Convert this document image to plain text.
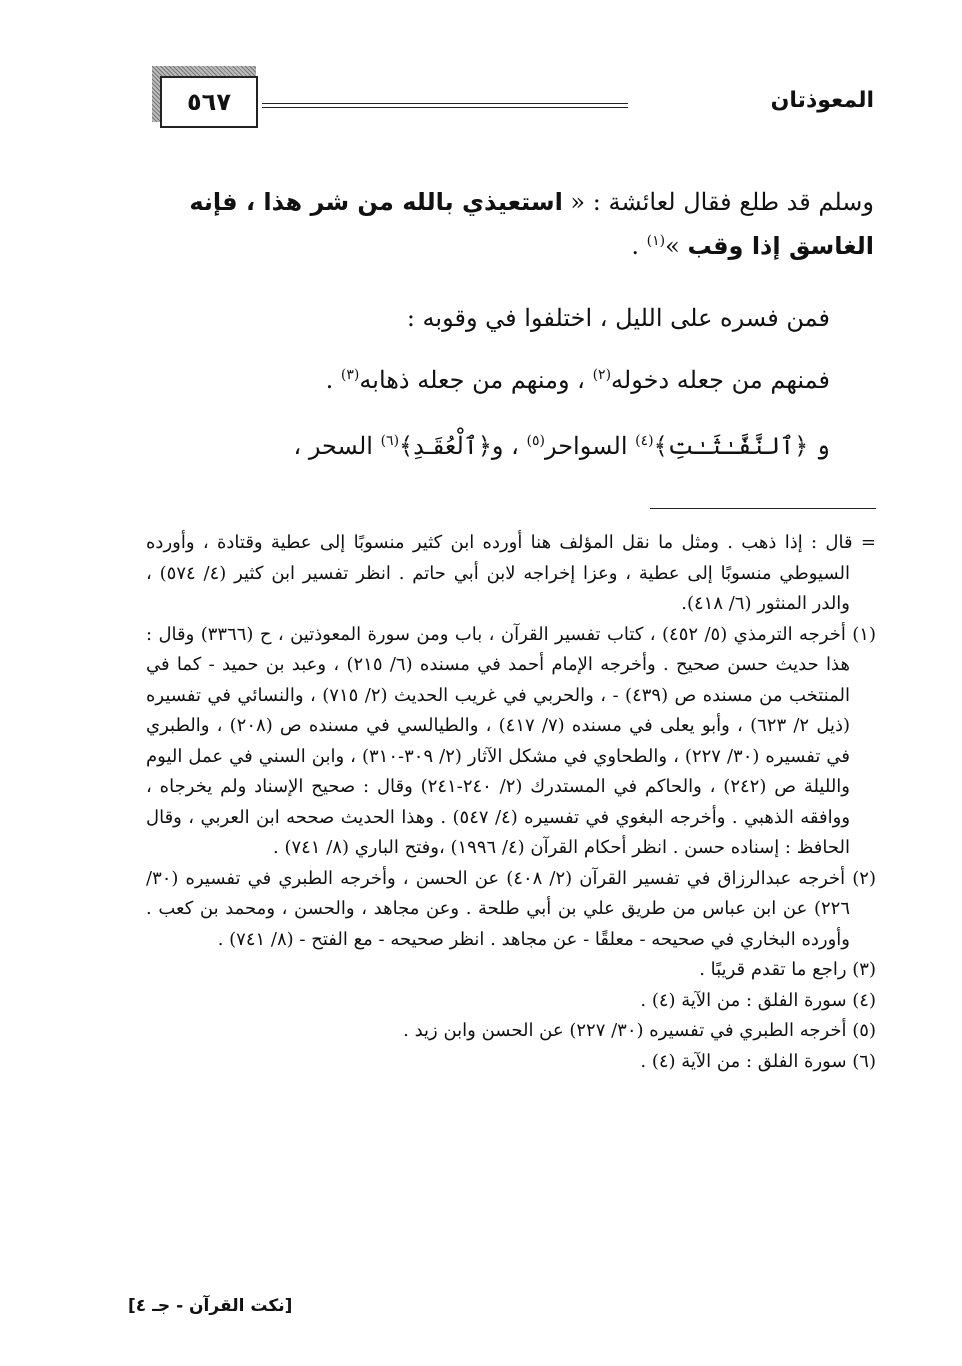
المعوذتان
٥٦٧
وسلم قد طلع فقال لعائشة : « استعيذي بالله من شر هذا ، فإنه الغاسق إذا وقب »$^{(١)}$ .
فمن فسره على الليل ، اختلفوا في وقوبه :
فمنهم من جعله دخوله$^{(٢)}$ ، ومنهم من جعله ذهابه$^{(٣)}$ .
و ﴿ٱلنَّفَّـٰثَـٰتِ﴾$^{(٤)}$ السواحر$^{(٥)}$ ، و﴿ٱلْعُقَـدِ﴾$^{(٦)}$ السحر ،

= قال : إذا ذهب . ومثل ما نقل المؤلف هنا أورده ابن كثير منسوبًا إلى عطية وقتادة ، وأورده السيوطي منسوبًا إلى عطية ، وعزا إخراجه لابن أبي حاتم . انظر تفسير ابن كثير (٤/ ٥٧٤) ، والدر المنثور (٦/ ٤١٨).

(١) أخرجه الترمذي (٥/ ٤٥٢) ، كتاب تفسير القرآن ، باب ومن سورة المعوذتين ، ح (٣٣٦٦) وقال : هذا حديث حسن صحيح . وأخرجه الإمام أحمد في مسنده (٦/ ٢١٥) ، وعبد بن حميد - كما في المنتخب من مسنده ص (٤٣٩) - ، والحربي في غريب الحديث (٢/ ٧١٥) ، والنسائي في تفسيره (ذيل ٢/ ٦٢٣) ، وأبو يعلى في مسنده (٧/ ٤١٧) ، والطيالسي في مسنده ص (٢٠٨) ، والطبري في تفسيره (٣٠/ ٢٢٧) ، والطحاوي في مشكل الآثار (٢/ ٣٠٩-٣١٠) ، وابن السني في عمل اليوم والليلة ص (٢٤٢) ، والحاكم في المستدرك (٢/ ٢٤٠-٢٤١) وقال : صحيح الإسناد ولم يخرجاه ، ووافقه الذهبي . وأخرجه البغوي في تفسيره (٤/ ٥٤٧) . وهذا الحديث صححه ابن العربي ، وقال الحافظ : إسناده حسن . انظر أحكام القرآن (٤/ ١٩٩٦) ،وفتح الباري (٨/ ٧٤١) .

(٢) أخرجه عبدالرزاق في تفسير القرآن (٢/ ٤٠٨) عن الحسن ، وأخرجه الطبري في تفسيره (٣٠/ ٢٢٦) عن ابن عباس من طريق علي بن أبي طلحة . وعن مجاهد ، والحسن ، ومحمد بن كعب . وأورده البخاري في صحيحه - معلقًا - عن مجاهد . انظر صحيحه - مع الفتح - (٨/ ٧٤١) .

(٣) راجع ما تقدم قريبًا .

(٤) سورة الفلق : من الآية (٤) .

(٥) أخرجه الطبري في تفسيره (٣٠/ ٢٢٧) عن الحسن وابن زيد .

(٦) سورة الفلق : من الآية (٤) .

[نكت القرآن - جـ ٤]
